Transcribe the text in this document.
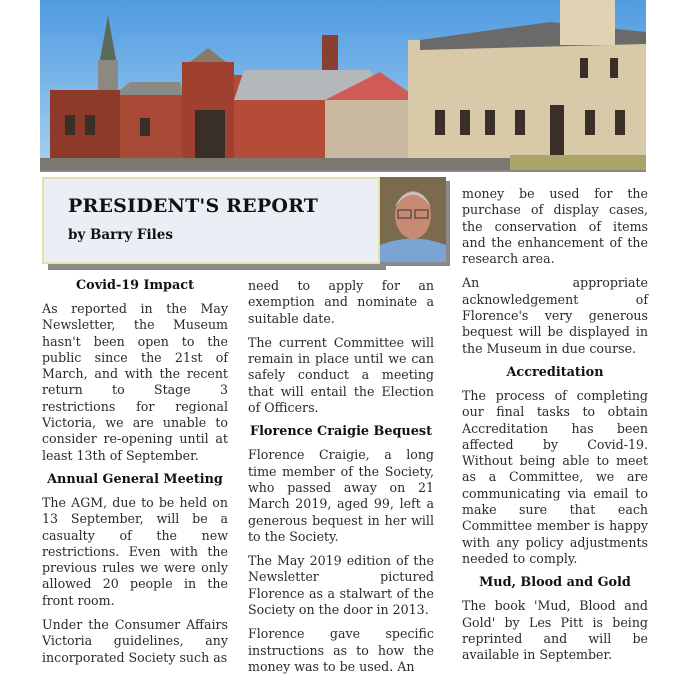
PRESIDENT'S REPORT
by Barry Files
Covid-19 Impact

As reported in the May Newsletter, the Museum hasn't been open to the public since the 21st of March, and with the recent return to Stage 3 restrictions for regional Victoria, we are unable to consider re-opening until at least 13th of September.

Annual General Meeting

The AGM, due to be held on 13 September, will be a casualty of the new restrictions. Even with the previous rules we were only allowed 20 people in the front room.

Under the Consumer Affairs Victoria guidelines, any incorporated Society such as

need to apply for an exemption and nominate a suitable date.

The current Committee will remain in place until we can safely conduct a meeting that will entail the Election of Officers.

Florence Craigie Bequest

Florence Craigie, a long time member of the Society, who passed away on 21 March 2019, aged 99, left a generous bequest in her will to the Society.

The May 2019 edition of the Newsletter pictured Florence as a stalwart of the Society on the door in 2013.

Florence gave specific instructions as to how the money was to be used. An

money be used for the purchase of display cases, the conservation of items and the enhancement of the research area.

An appropriate acknowledgement of Florence's very generous bequest will be displayed in the Museum in due course.

Accreditation

The process of completing our final tasks to obtain Accreditation has been affected by Covid-19. Without being able to meet as a Committee, we are communicating via email to make sure that each Committee member is happy with any policy adjustments needed to comply.

Mud, Blood and Gold

The book 'Mud, Blood and Gold' by Les Pitt is being reprinted and will be available in September.
